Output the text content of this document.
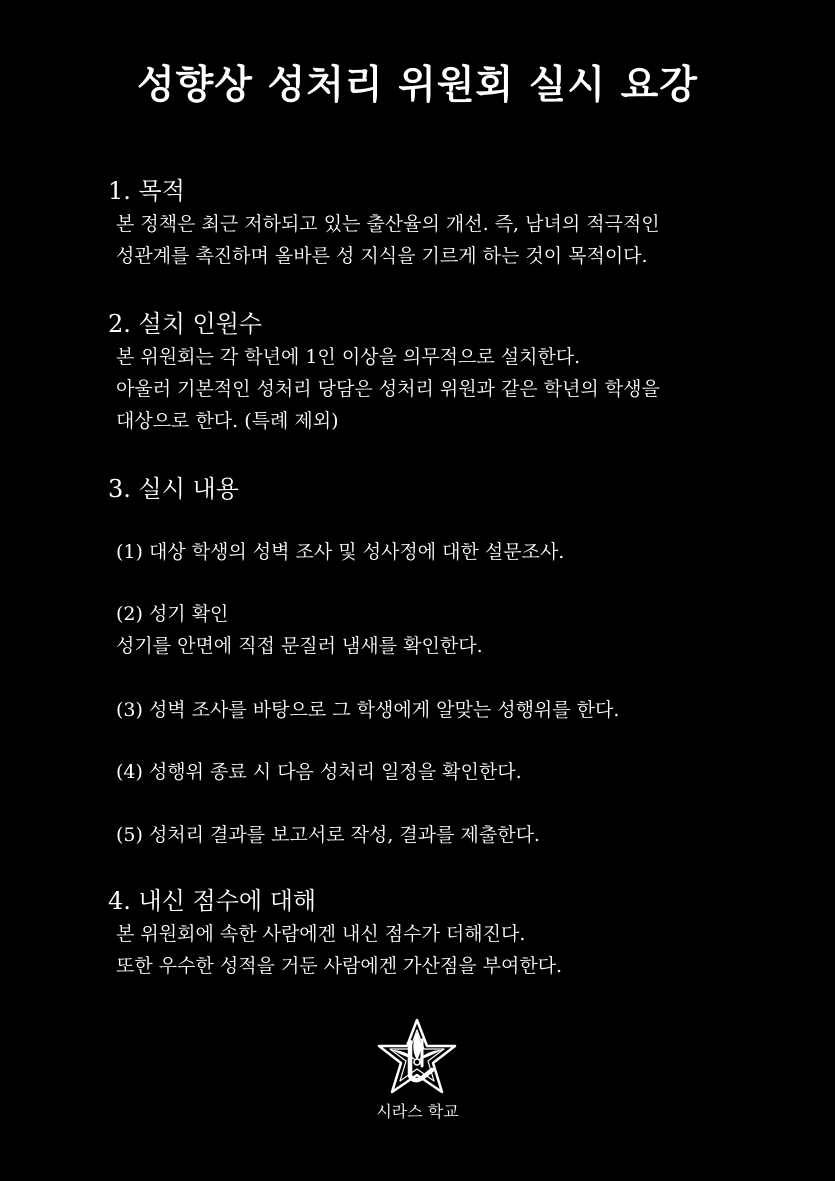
성향상 성처리 위원회 실시 요강
1. 목적

본 정책은 최근 저하되고 있는 출산율의 개선. 즉, 남녀의 적극적인

성관계를 촉진하며 올바른 성 지식을 기르게 하는 것이 목적이다.

2. 설치 인원수

본 위원회는 각 학년에 1인 이상을 의무적으로 설치한다.

아울러 기본적인 성처리 당담은 성처리 위원과 같은 학년의 학생을

대상으로 한다. (특례 제외)

3. 실시 내용
(1) 대상 학생의 성벽 조사 및 성사정에 대한 설문조사.
(2) 성기 확인
성기를 안면에 직접 문질러 냄새를 확인한다.
(3) 성벽 조사를 바탕으로 그 학생에게 알맞는 성행위를 한다.
(4) 성행위 종료 시 다음 성처리 일정을 확인한다.
(5) 성처리 결과를 보고서로 작성, 결과를 제출한다.
4. 내신 점수에 대해

본 위원회에 속한 사람에겐 내신 점수가 더해진다.

또한 우수한 성적을 거둔 사람에겐 가산점을 부여한다.

시라스 학교
